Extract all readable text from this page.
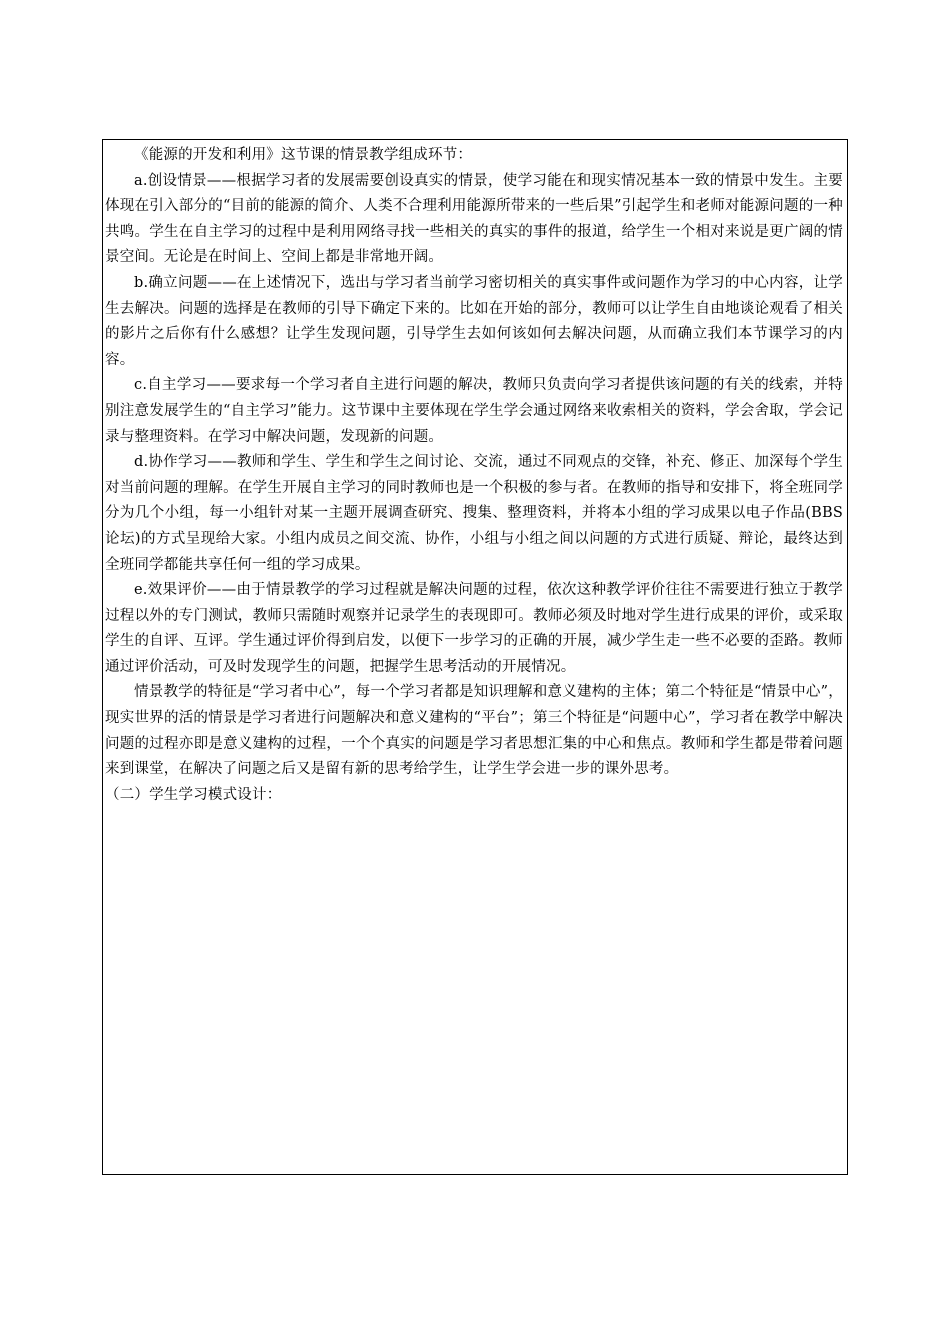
《能源的开发和利用》这节课的情景教学组成环节：

a.创设情景——根据学习者的发展需要创设真实的情景，使学习能在和现实情况基本一致的情景中发生。主要体现在引入部分的“目前的能源的简介、人类不合理利用能源所带来的一些后果”引起学生和老师对能源问题的一种共鸣。学生在自主学习的过程中是利用网络寻找一些相关的真实的事件的报道，给学生一个相对来说是更广阔的情景空间。无论是在时间上、空间上都是非常地开阔。

b.确立问题——在上述情况下，选出与学习者当前学习密切相关的真实事件或问题作为学习的中心内容，让学生去解决。问题的选择是在教师的引导下确定下来的。比如在开始的部分，教师可以让学生自由地谈论观看了相关的影片之后你有什么感想？让学生发现问题，引导学生去如何该如何去解决问题，从而确立我们本节课学习的内容。

c.自主学习——要求每一个学习者自主进行问题的解决，教师只负责向学习者提供该问题的有关的线索，并特别注意发展学生的“自主学习”能力。这节课中主要体现在学生学会通过网络来收索相关的资料，学会舍取，学会记录与整理资料。在学习中解决问题，发现新的问题。

d.协作学习——教师和学生、学生和学生之间讨论、交流，通过不同观点的交锋，补充、修正、加深每个学生对当前问题的理解。在学生开展自主学习的同时教师也是一个积极的参与者。在教师的指导和安排下，将全班同学分为几个小组，每一小组针对某一主题开展调查研究、搜集、整理资料，并将本小组的学习成果以电子作品(BBS论坛)的方式呈现给大家。小组内成员之间交流、协作，小组与小组之间以问题的方式进行质疑、辩论，最终达到全班同学都能共享任何一组的学习成果。

e.效果评价——由于情景教学的学习过程就是解决问题的过程，依次这种教学评价往往不需要进行独立于教学过程以外的专门测试，教师只需随时观察并记录学生的表现即可。教师必须及时地对学生进行成果的评价，或采取学生的自评、互评。学生通过评价得到启发，以便下一步学习的正确的开展，减少学生走一些不必要的歪路。教师通过评价活动，可及时发现学生的问题，把握学生思考活动的开展情况。

情景教学的特征是“学习者中心”，每一个学习者都是知识理解和意义建构的主体；第二个特征是“情景中心”，现实世界的活的情景是学习者进行问题解决和意义建构的“平台”；第三个特征是“问题中心”，学习者在教学中解决问题的过程亦即是意义建构的过程，一个个真实的问题是学习者思想汇集的中心和焦点。教师和学生都是带着问题来到课堂，在解决了问题之后又是留有新的思考给学生，让学生学会进一步的课外思考。

（二）学生学习模式设计：
